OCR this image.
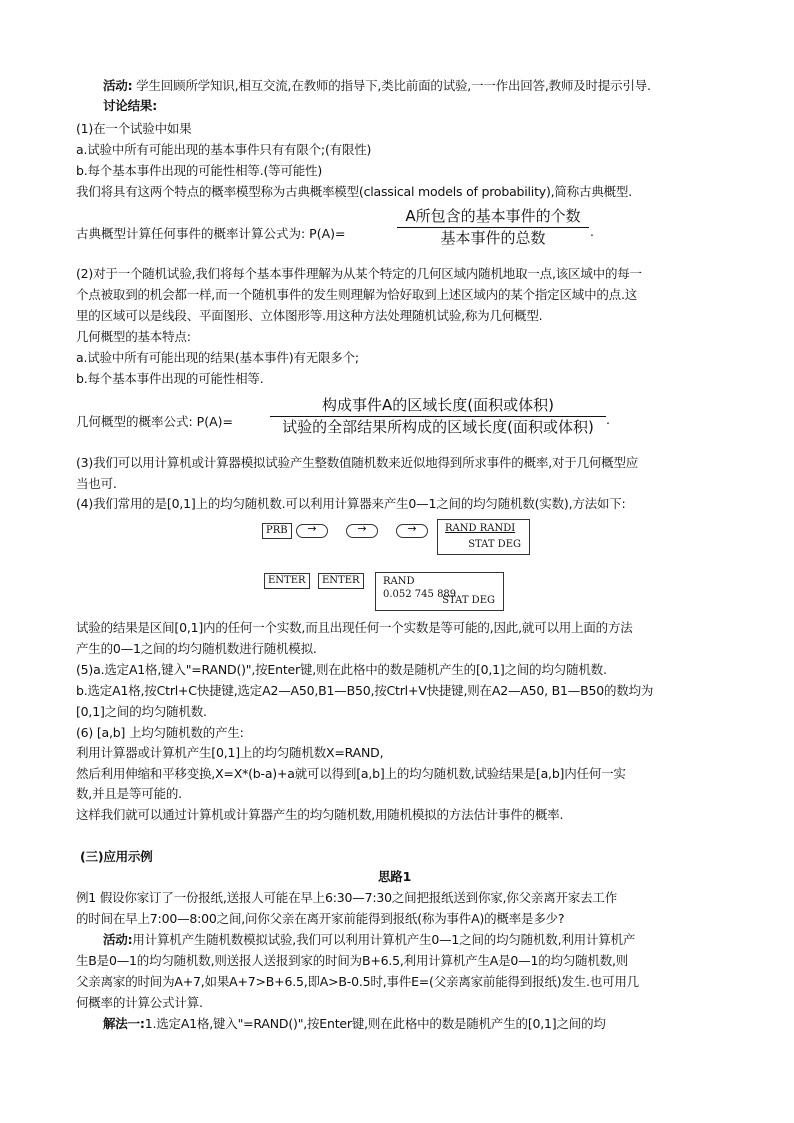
活动: 学生回顾所学知识,相互交流,在教师的指导下,类比前面的试验,一一作出回答,教师及时提示引导.
讨论结果:
(1)在一个试验中如果
a.试验中所有可能出现的基本事件只有有限个;(有限性)
b.每个基本事件出现的可能性相等.(等可能性)
我们将具有这两个特点的概率模型称为古典概率模型(classical models of probability),简称古典概型.
古典概型计算任何事件的概率计算公式为: P(A)=
A所包含的基本事件的个数
基本事件的总数	.
(2)对于一个随机试验,我们将每个基本事件理解为从某个特定的几何区域内随机地取一点,该区域中的每一
个点被取到的机会都一样,而一个随机事件的发生则理解为恰好取到上述区域内的某个指定区域中的点.这
里的区域可以是线段、平面图形、立体图形等.用这种方法处理随机试验,称为几何概型.
几何概型的基本特点:
a.试验中所有可能出现的结果(基本事件)有无限多个;
b.每个基本事件出现的可能性相等.
几何概型的概率公式: P(A)=
构成事件A的区域长度(面积或体积)
试验的全部结果所构成的区域长度(面积或体积) .
(3)我们可以用计算机或计算器模拟试验产生整数值随机数来近似地得到所求事件的概率,对于几何概型应
当也可.
(4)我们常用的是[0,1]上的均匀随机数.可以利用计算器来产生0—1之间的均匀随机数(实数),方法如下:
PRB	→	→	→	RAND RANDI
STAT DEG
ENTER	ENTER	RAND
0.052 745 889
STAT DEG
试验的结果是区间[0,1]内的任何一个实数,而且出现任何一个实数是等可能的,因此,就可以用上面的方法
产生的0—1之间的均匀随机数进行随机模拟.
(5)a.选定A1格,键入"=RAND()",按Enter键,则在此格中的数是随机产生的[0,1]之间的均匀随机数.
b.选定A1格,按Ctrl+C快捷键,选定A2—A50,B1—B50,按Ctrl+V快捷键,则在A2—A50, B1—B50的数均为
[0,1]之间的均匀随机数.
(6) [a,b] 上均匀随机数的产生:
利用计算器或计算机产生[0,1]上的均匀随机数X=RAND,
然后利用伸缩和平移变换,X=X*(b-a)+a就可以得到[a,b]上的均匀随机数,试验结果是[a,b]内任何一实
数,并且是等可能的.
这样我们就可以通过计算机或计算器产生的均匀随机数,用随机模拟的方法估计事件的概率.
(三)应用示例
思路1
例1 假设你家订了一份报纸,送报人可能在早上6:30—7:30之间把报纸送到你家,你父亲离开家去工作
的时间在早上7:00—8:00之间,问你父亲在离开家前能得到报纸(称为事件A)的概率是多少?
活动:用计算机产生随机数模拟试验,我们可以利用计算机产生0—1之间的均匀随机数,利用计算机产
生B是0—1的均匀随机数,则送报人送报到家的时间为B+6.5,利用计算机产生A是0—1的均匀随机数,则
父亲离家的时间为A+7,如果A+7>B+6.5,即A>B-0.5时,事件E=(父亲离家前能得到报纸)发生.也可用几
何概率的计算公式计算.
解法一:1.选定A1格,键入"=RAND()",按Enter键,则在此格中的数是随机产生的[0,1]之间的均
